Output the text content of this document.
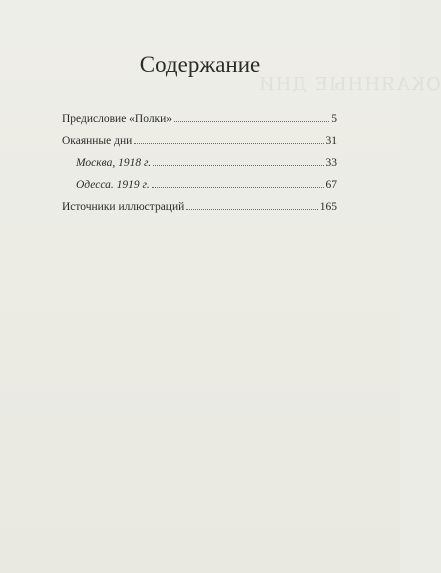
ОКАЯННЫЕ ДНИ
Содержание
Предисловие «Полки»	5
Окаянные дни	31
Москва, 1918 г.	33
Одесса. 1919 г.	67
Источники иллюстраций	165
